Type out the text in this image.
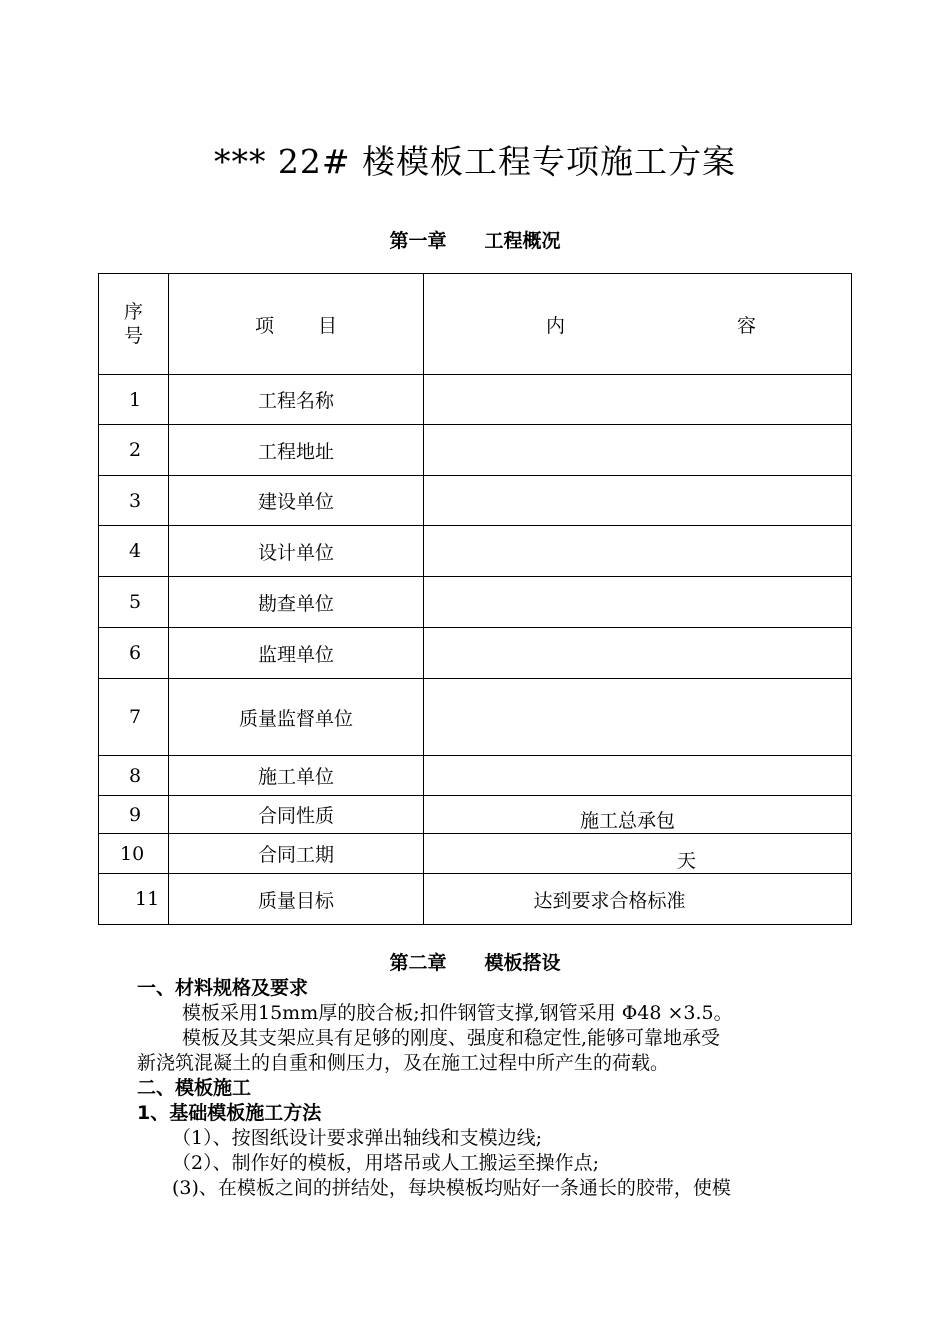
*** 22# 楼模板工程专项施工方案
第一章　　工程概况
序号	项 目	内 容

1	工程名称	
2	工程地址	
3	建设单位	
4	设计单位	
5	勘查单位	
6	监理单位	
7	质量监督单位	
8	施工单位	
9	合同性质	施工总承包
10	合同工期	天
11	质量目标	达到要求合格标准
第二章　　模板搭设
一、材料规格及要求
模板采用15mm厚的胶合板;扣件钢管支撑,钢管采用 Φ48 ×3.5。
模板及其支架应具有足够的刚度、强度和稳定性,能够可靠地承受
新浇筑混凝土的自重和侧压力，及在施工过程中所产生的荷载。
二、模板施工
1、基础模板施工方法
（1）、按图纸设计要求弹出轴线和支模边线;
（2）、制作好的模板，用塔吊或人工搬运至操作点;
(3)、在模板之间的拼结处，每块模板均贴好一条通长的胶带，使模
